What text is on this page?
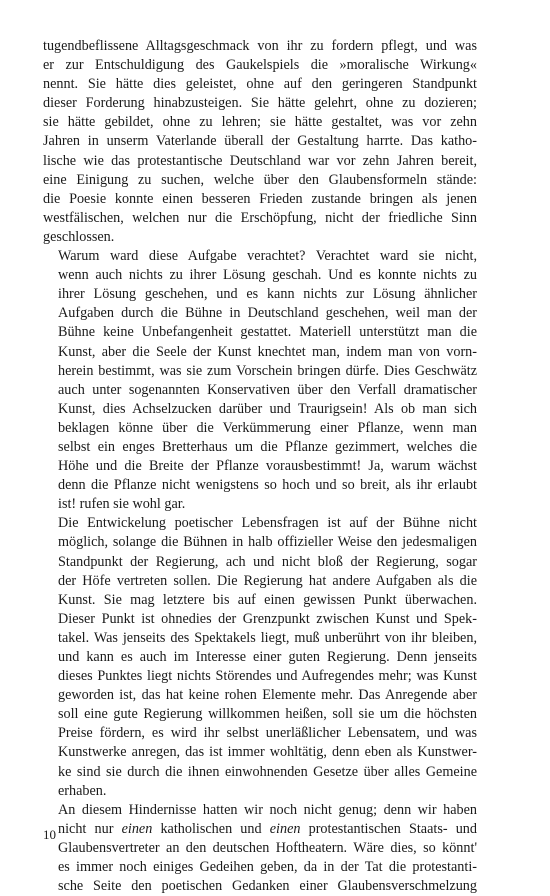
tugendbeflissene Alltagsgeschmack von ihr zu fordern pflegt, und was
er zur Entschuldigung des Gaukelspiels die »moralische Wirkung«
nennt. Sie hätte dies geleistet, ohne auf den geringeren Standpunkt
dieser Forderung hinabzusteigen. Sie hätte gelehrt, ohne zu dozieren;
sie hätte gebildet, ohne zu lehren; sie hätte gestaltet, was vor zehn
Jahren in unserm Vaterlande überall der Gestaltung harrte. Das katho-
lische wie das protestantische Deutschland war vor zehn Jahren bereit,
eine Einigung zu suchen, welche über den Glaubensformeln stände:
die Poesie konnte einen besseren Frieden zustande bringen als jenen
westfälischen, welchen nur die Erschöpfung, nicht der friedliche Sinn
geschlossen.
Warum ward diese Aufgabe verachtet? Verachtet ward sie nicht,
wenn auch nichts zu ihrer Lösung geschah. Und es konnte nichts zu
ihrer Lösung geschehen, und es kann nichts zur Lösung ähnlicher
Aufgaben durch die Bühne in Deutschland geschehen, weil man der
Bühne keine Unbefangenheit gestattet. Materiell unterstützt man die
Kunst, aber die Seele der Kunst knechtet man, indem man von vorn-
herein bestimmt, was sie zum Vorschein bringen dürfe. Dies Geschwätz
auch unter sogenannten Konservativen über den Verfall dramatischer
Kunst, dies Achselzucken darüber und Traurigsein! Als ob man sich
beklagen könne über die Verkümmerung einer Pflanze, wenn man
selbst ein enges Bretterhaus um die Pflanze gezimmert, welches die
Höhe und die Breite der Pflanze vorausbestimmt! Ja, warum wächst
denn die Pflanze nicht wenigstens so hoch und so breit, als ihr erlaubt
ist! rufen sie wohl gar.
Die Entwickelung poetischer Lebensfragen ist auf der Bühne nicht
möglich, solange die Bühnen in halb offizieller Weise den jedesmaligen
Standpunkt der Regierung, ach und nicht bloß der Regierung, sogar
der Höfe vertreten sollen. Die Regierung hat andere Aufgaben als die
Kunst. Sie mag letztere bis auf einen gewissen Punkt überwachen.
Dieser Punkt ist ohnedies der Grenzpunkt zwischen Kunst und Spek-
takel. Was jenseits des Spektakels liegt, muß unberührt von ihr bleiben,
und kann es auch im Interesse einer guten Regierung. Denn jenseits
dieses Punktes liegt nichts Störendes und Aufregendes mehr; was Kunst
geworden ist, das hat keine rohen Elemente mehr. Das Anregende aber
soll eine gute Regierung willkommen heißen, soll sie um die höchsten
Preise fördern, es wird ihr selbst unerläßlicher Lebensatem, und was
Kunstwerke anregen, das ist immer wohltätig, denn eben als Kunstwer-
ke sind sie durch die ihnen einwohnenden Gesetze über alles Gemeine
erhaben.
An diesem Hindernisse hatten wir noch nicht genug; denn wir haben
nicht nur einen katholischen und einen protestantischen Staats- und
Glaubensvertreter an den deutschen Hoftheatern. Wäre dies, so könnt'
es immer noch einiges Gedeihen geben, da in der Tat die protestanti-
sche Seite den poetischen Gedanken einer Glaubensverschmelzung
10
